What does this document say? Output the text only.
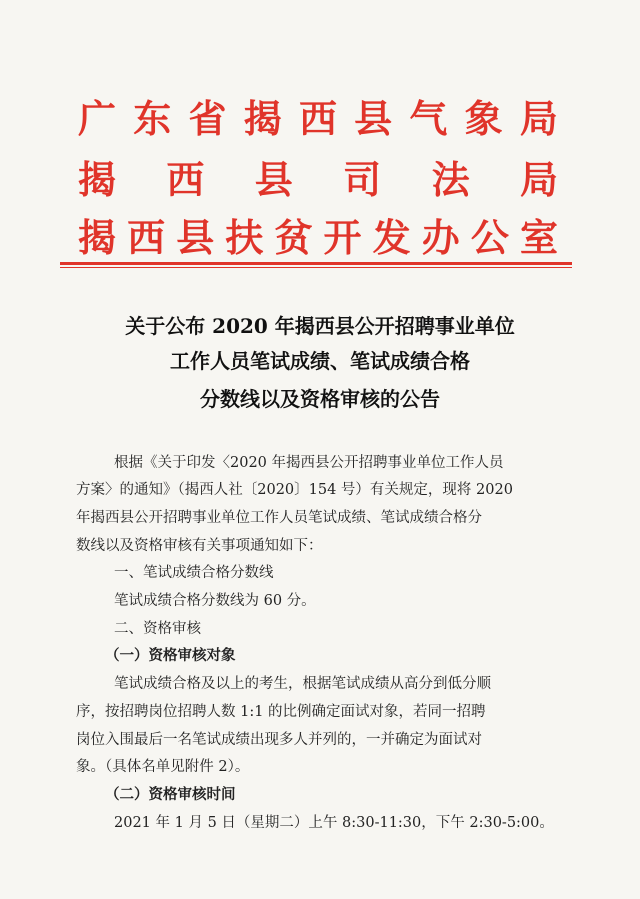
广 东 省 揭 西 县 气 象 局
揭 西 县 司 法 局
揭 西 县 扶 贫 开 发 办 公 室
关于公布 2020 年揭西县公开招聘事业单位
工作人员笔试成绩、笔试成绩合格
分数线以及资格审核的公告
根据《关于印发〈2020 年揭西县公开招聘事业单位工作人员
方案〉的通知》（揭西人社〔2020〕154 号）有关规定，现将 2020
年揭西县公开招聘事业单位工作人员笔试成绩、笔试成绩合格分
数线以及资格审核有关事项通知如下：
一、笔试成绩合格分数线
笔试成绩合格分数线为 60 分。
二、资格审核
（一）资格审核对象
笔试成绩合格及以上的考生，根据笔试成绩从高分到低分顺
序，按招聘岗位招聘人数 1:1 的比例确定面试对象，若同一招聘
岗位入围最后一名笔试成绩出现多人并列的，一并确定为面试对
象。（具体名单见附件 2）。
（二）资格审核时间
2021 年 1 月 5 日（星期二）上午 8:30-11:30，下午 2:30-5:00。
